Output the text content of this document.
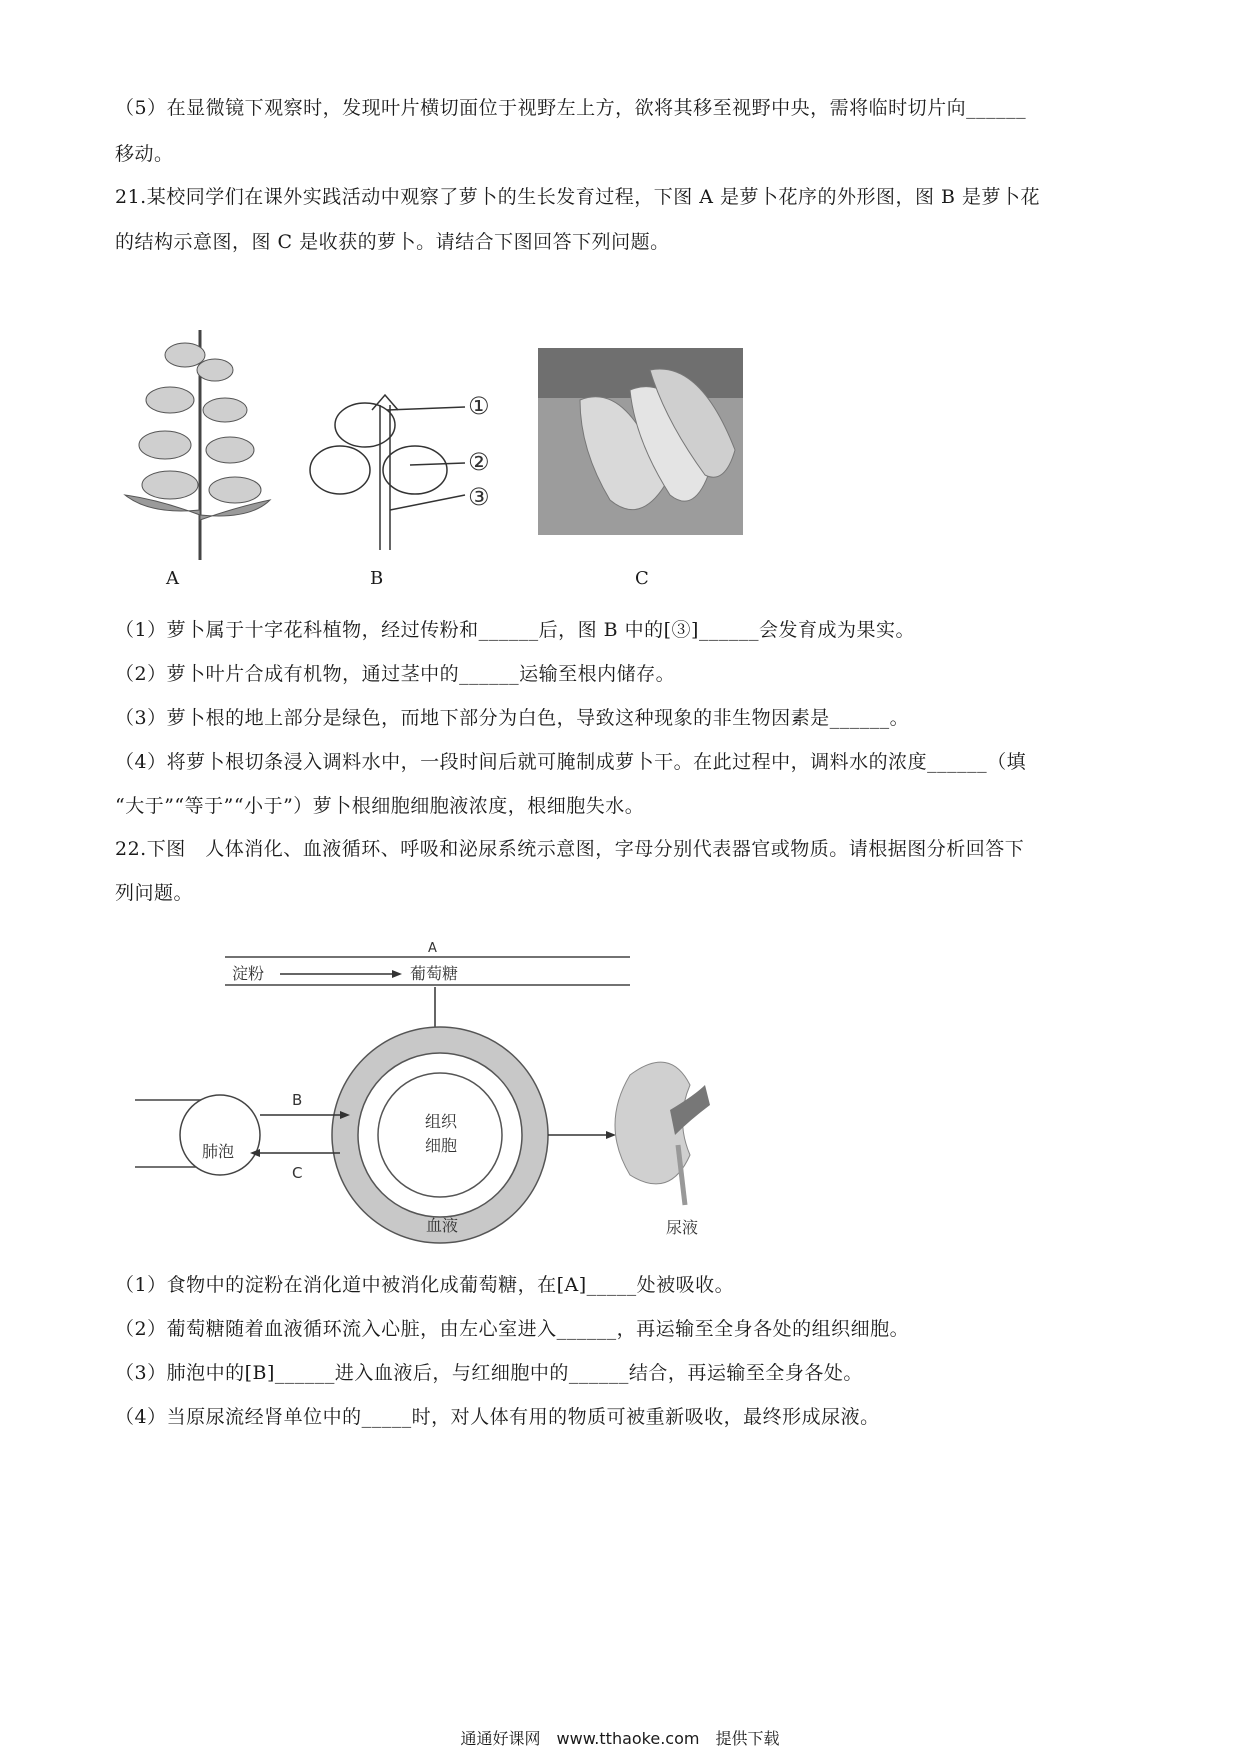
（5）在显微镜下观察时，发现叶片横切面位于视野左上方，欲将其移至视野中央，需将临时切片向______
移动。
21.某校同学们在课外实践活动中观察了萝卜的生长发育过程，下图 A 是萝卜花序的外形图，图 B 是萝卜花
的结构示意图，图 C 是收获的萝卜。请结合下图回答下列问题。
①
②
③
A	B	C
（1）萝卜属于十字花科植物，经过传粉和______后，图 B 中的[③]______会发育成为果实。
（2）萝卜叶片合成有机物，通过茎中的______运输至根内储存。
（3）萝卜根的地上部分是绿色，而地下部分为白色，导致这种现象的非生物因素是______。
（4）将萝卜根切条浸入调料水中，一段时间后就可腌制成萝卜干。在此过程中，调料水的浓度______（填
“大于”“等于”“小于”）萝卜根细胞细胞液浓度，根细胞失水。
22.下图　人体消化、血液循环、呼吸和泌尿系统示意图，字母分别代表器官或物质。请根据图分析回答下
列问题。
A
淀粉	葡萄糖
组织
细胞
血液
肺泡
B
C
尿液
（1）食物中的淀粉在消化道中被消化成葡萄糖，在[A]_____处被吸收。
（2）葡萄糖随着血液循环流入心脏，由左心室进入______，再运输至全身各处的组织细胞。
（3）肺泡中的[B]______进入血液后，与红细胞中的______结合，再运输至全身各处。
（4）当原尿流经肾单位中的_____时，对人体有用的物质可被重新吸收，最终形成尿液。
通通好课网　www.tthaoke.com　提供下载
